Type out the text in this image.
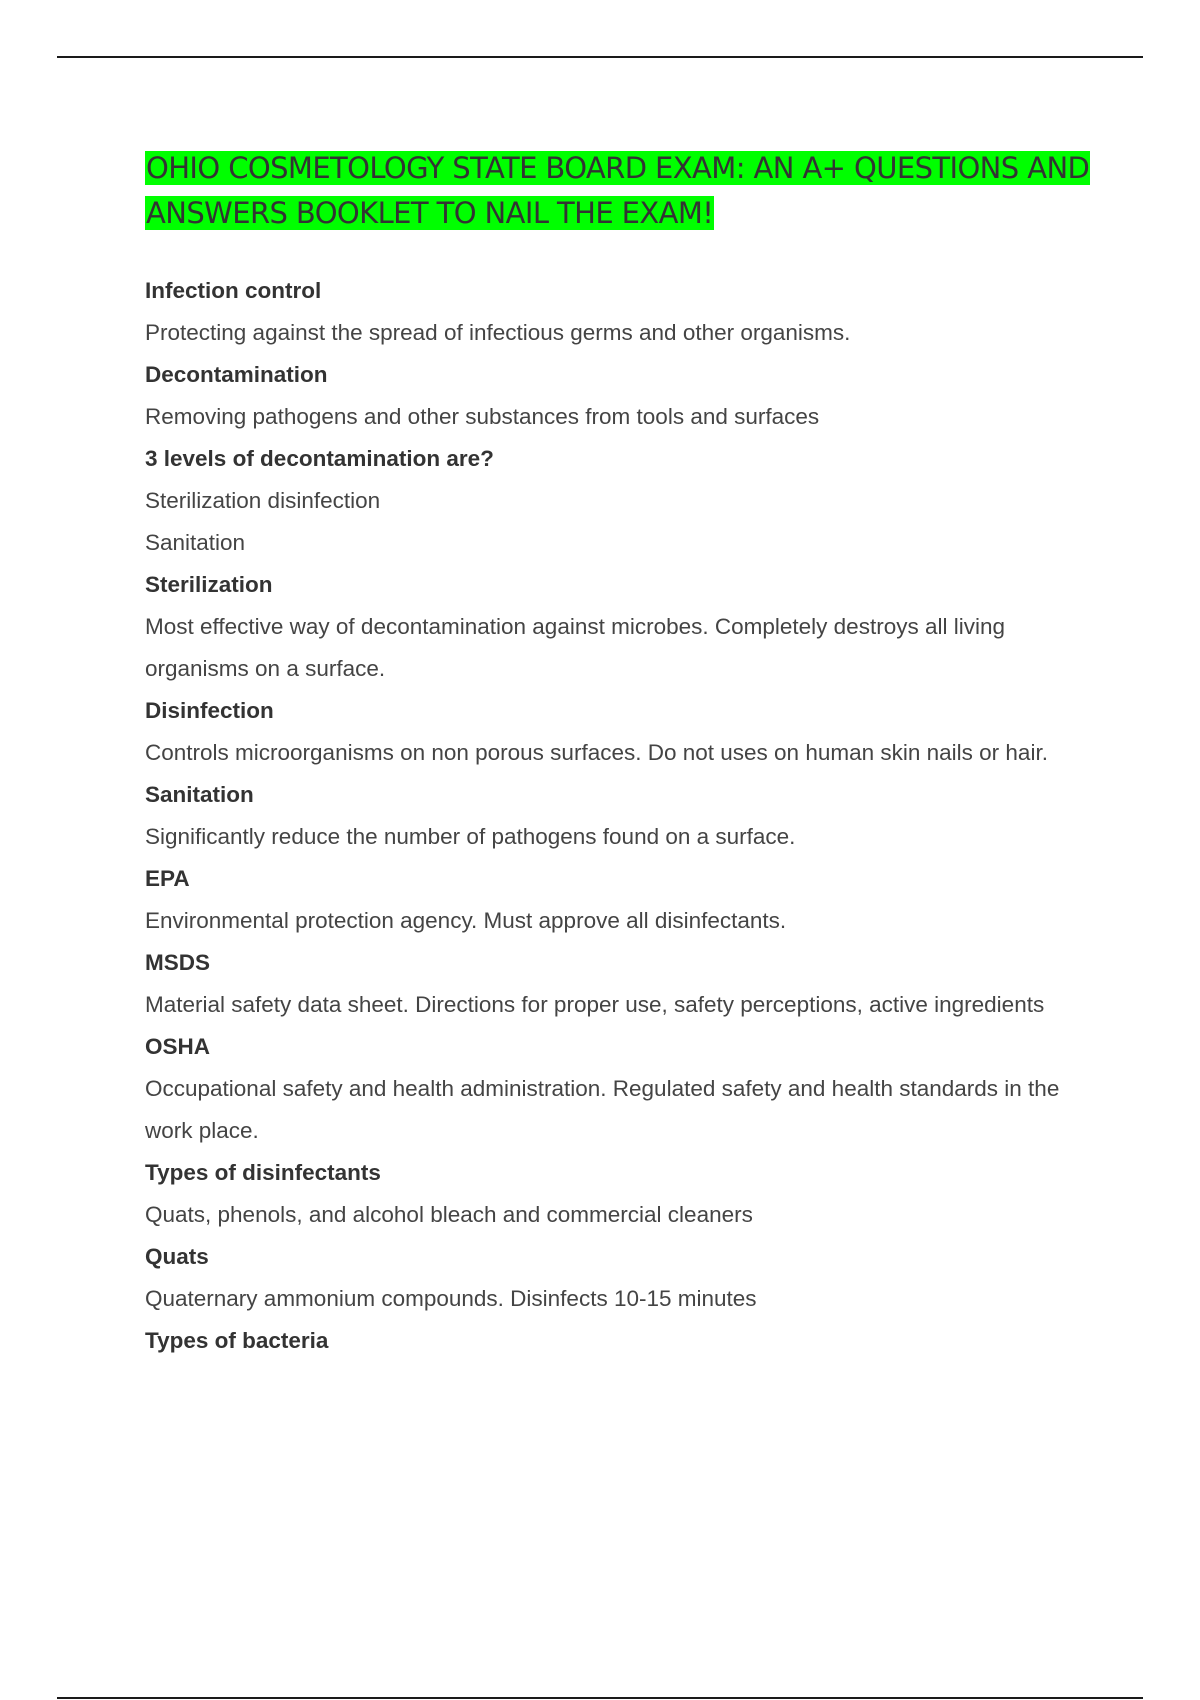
OHIO COSMETOLOGY STATE BOARD EXAM: AN A+ QUESTIONS AND ANSWERS BOOKLET TO NAIL THE EXAM!
Infection control
Protecting against the spread of infectious germs and other organisms.
Decontamination
Removing pathogens and other substances from tools and surfaces
3 levels of decontamination are?
Sterilization disinfection
Sanitation
Sterilization
Most effective way of decontamination against microbes. Completely destroys all living organisms on a surface.
Disinfection
Controls microorganisms on non porous surfaces. Do not uses on human skin nails or hair.
Sanitation
Significantly reduce the number of pathogens found on a surface.
EPA
Environmental protection agency. Must approve all disinfectants.
MSDS
Material safety data sheet. Directions for proper use, safety perceptions, active ingredients
OSHA
Occupational safety and health administration. Regulated safety and health standards in the work place.
Types of disinfectants
Quats, phenols, and alcohol bleach and commercial cleaners
Quats
Quaternary ammonium compounds. Disinfects 10-15 minutes
Types of bacteria
